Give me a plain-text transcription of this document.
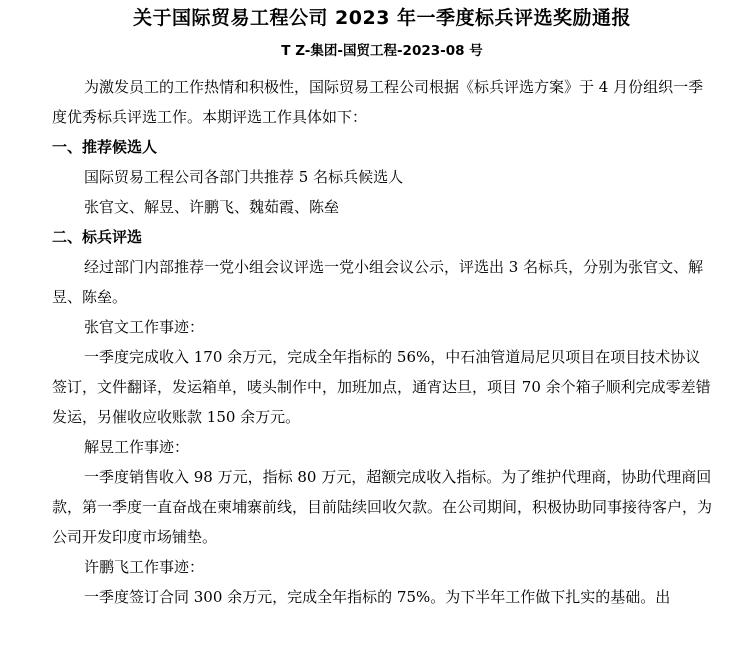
关于国际贸易工程公司 2023 年一季度标兵评选奖励通报
T Z-集团-国贸工程-2023-08 号

为激发员工的工作热情和积极性，国际贸易工程公司根据《标兵评选方案》于 4 月份组织一季度优秀标兵评选工作。本期评选工作具体如下：

一、推荐候选人

国际贸易工程公司各部门共推荐 5 名标兵候选人

张官文、解昱、许鹏飞、魏茹霞、陈垒

二、标兵评选

经过部门内部推荐一党小组会议评选一党小组会议公示，评选出 3 名标兵，分别为张官文、解昱、陈垒。

张官文工作事迹：

一季度完成收入 170 余万元，完成全年指标的 56%，中石油管道局尼贝项目在项目技术协议签订，文件翻译，发运箱单，唛头制作中，加班加点，通宵达旦，项目 70 余个箱子顺利完成零差错发运，另催收应收账款 150 余万元。

解昱工作事迹：

一季度销售收入 98 万元，指标 80 万元，超额完成收入指标。为了维护代理商，协助代理商回款，第一季度一直奋战在柬埔寨前线，目前陆续回收欠款。在公司期间，积极协助同事接待客户，为公司开发印度市场铺垫。

许鹏飞工作事迹：

一季度签订合同 300 余万元，完成全年指标的 75%。为下半年工作做下扎实的基础。出
